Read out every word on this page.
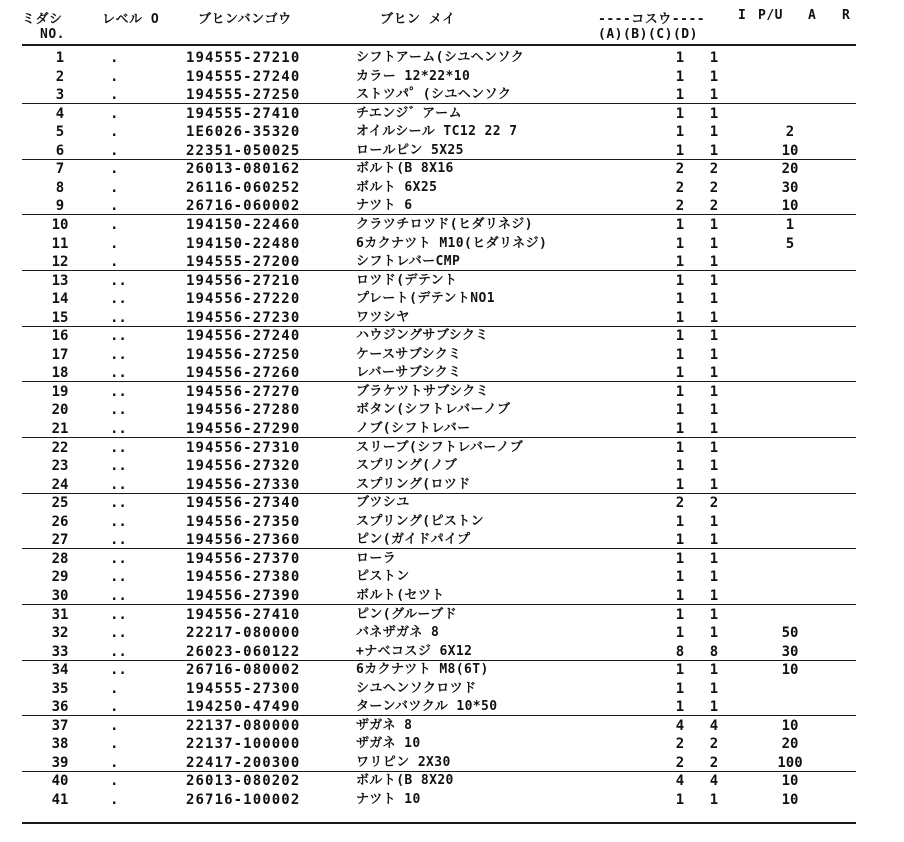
ミダシ	レベル O	ブヒンバンゴウ	ブヒン メイ	----コスウ----	I P/U A R
NO.	(A)(B)(C)(D)
1	.	194555-27210	シフトアーム(シユヘンソク	1 1
2	.	194555-27240	カラー 12*22*10	1 1
3	.	194555-27250	ストツパ゜(シユヘンソク	1 1
4	.	194555-27410	チエンジ゛アーム	1 1
5	.	1E6026-35320	オイルシール TC12 22 7	1 1	2
6	.	22351-050025	ロールピン 5X25	1 1	10
7	.	26013-080162	ボルト(B 8X16	2 2	20
8	.	26116-060252	ボルト 6X25	2 2	30
9	.	26716-060002	ナツト 6	2 2	10
10	.	194150-22460	クラツチロツド(ヒダリネジ)	1 1	1
11	.	194150-22480	6カクナツト M10(ヒダリネジ)	1 1	5
12	.	194555-27200	シフトレバーCMP	1 1
13	..	194556-27210	ロツド(デテント	1 1
14	..	194556-27220	プレート(デテントNO1	1 1
15	..	194556-27230	ワツシヤ	1 1
16	..	194556-27240	ハウジングサブシクミ	1 1
17	..	194556-27250	ケースサブシクミ	1 1
18	..	194556-27260	レバーサブシクミ	1 1
19	..	194556-27270	ブラケツトサブシクミ	1 1
20	..	194556-27280	ボタン(シフトレバーノブ	1 1
21	..	194556-27290	ノブ(シフトレバー	1 1
22	..	194556-27310	スリーブ(シフトレバーノブ	1 1
23	..	194556-27320	スプリング(ノブ	1 1
24	..	194556-27330	スプリング(ロツド	1 1
25	..	194556-27340	ブツシユ	2 2
26	..	194556-27350	スプリング(ピストン	1 1
27	..	194556-27360	ピン(ガイドパイプ	1 1
28	..	194556-27370	ローラ	1 1
29	..	194556-27380	ピストン	1 1
30	..	194556-27390	ボルト(セツト	1 1
31	..	194556-27410	ピン(グルーブド	1 1
32	..	22217-080000	バネザガネ 8	1 1	50
33	..	26023-060122	+ナベコスジ 6X12	8 8	30
34	..	26716-080002	6カクナツト M8(6T)	1 1	10
35	.	194555-27300	シユヘンソクロツド	1 1
36	.	194250-47490	ターンバツクル 10*50	1 1
37	.	22137-080000	ザガネ 8	4 4	10
38	.	22137-100000	ザガネ 10	2 2	20
39	.	22417-200300	ワリピン 2X30	2 2	100
40	.	26013-080202	ボルト(B 8X20	4 4	10
41	.	26716-100002	ナツト 10	1 1	10
